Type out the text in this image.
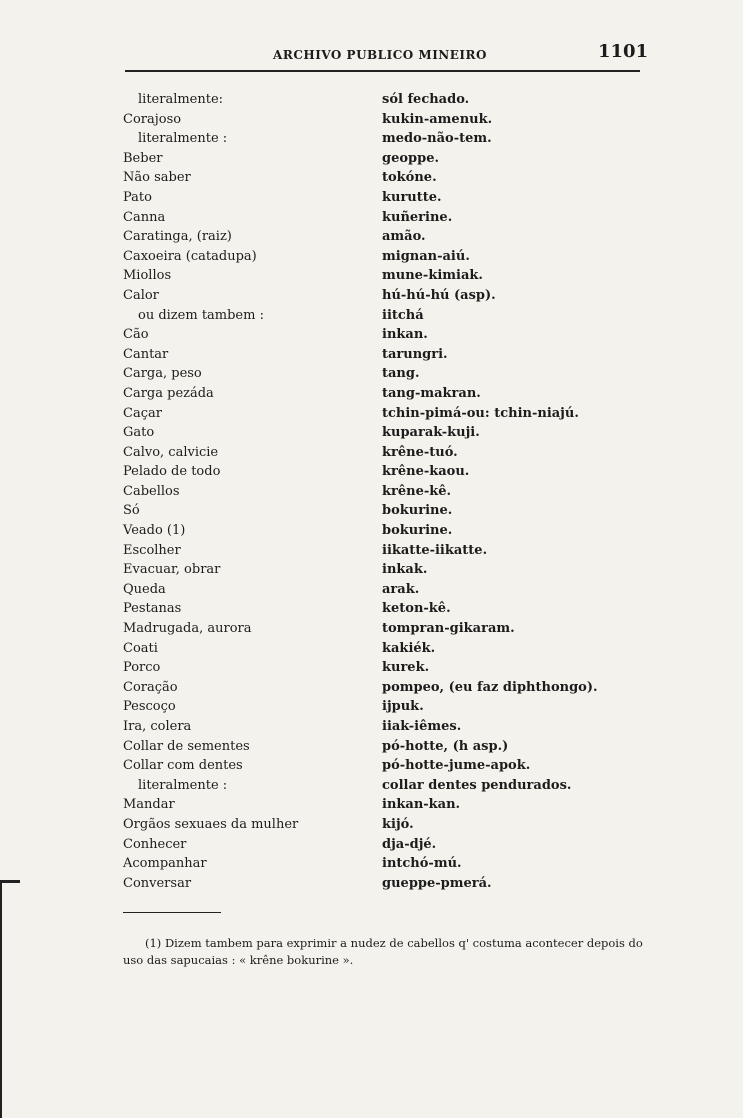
ARCHIVO PUBLICO MINEIRO	1101
literalmente:	sól fechado.
Corajoso	kukin-amenuk.
literalmente :	medo-não-tem.
Beber	geoppe.
Não saber	tokóne.
Pato	kurutte.
Canna	kuñerine.
Caratinga, (raiz)	amão.
Caxoeira (catadupa)	mignan-aiú.
Miollos	mune-kimiak.
Calor	hú-hú-hú (asp).
ou dizem tambem :	iitchá
Cão	inkan.
Cantar	tarungri.
Carga, peso	tang.
Carga pezáda	tang-makran.
Caçar	tchin-pimá-ou: tchin-niajú.
Gato	kuparak-kuji.
Calvo, calvicie	krêne-tuó.
Pelado de todo	krêne-kaou.
Cabellos	krêne-kê.
Só	bokurine.
Veado (1)	bokurine.
Escolher	iikatte-iikatte.
Evacuar, obrar	inkak.
Queda	arak.
Pestanas	keton-kê.
Madrugada, aurora	tompran-gikaram.
Coati	kakiék.
Porco	kurek.
Coração	pompeo, (eu faz diphthongo).
Pescoço	ijpuk.
Ira, colera	iiak-iêmes.
Collar de sementes	pó-hotte, (h asp.)
Collar com dentes	pó-hotte-jume-apok.
literalmente :	collar dentes pendurados.
Mandar	inkan-kan.
Orgãos sexuaes da mulher	kijó.
Conhecer	dja-djé.
Acompanhar	intchó-mú.
Conversar	gueppe-pmerá.
(1) Dizem tambem para exprimir a nudez de cabellos q' costuma acontecer depois do uso das sapucaias : « krêne bokurine ».
